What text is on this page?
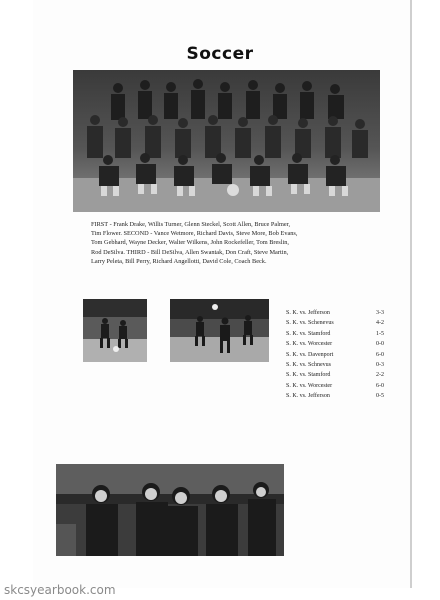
Soccer
FIRST - Frank Drake, Willis Turner, Glenn Steckel, Scott Allen, Bruce Palmer,
Tim Flower. SECOND - Vance Wetmore, Richard Davis, Steve More, Bob Evans,
Tom Gebhard, Wayne Decker, Walter Wilkens, John Rockefeller, Tom Breslin,
Rod DeSilva. THIRD - Bill DeSilva, Allen Swantak, Don Craft, Steve Martin,
Larry Peleta, Bill Perry, Richard Angellotti, David Cole, Coach Beck.
S. K. vs. Jefferson	3-3
S. K. vs. Schenevus	4-2
S. K. vs. Stamford	1-5
S. K. vs. Worcester	0-0
S. K. vs. Davenport	6-0
S. K. vs. Schnevus	0-3
S. K. vs. Stamford	2-2
S. K. vs. Worcester	6-0
S. K. vs. Jefferson	0-5
skcsyearbook.com
